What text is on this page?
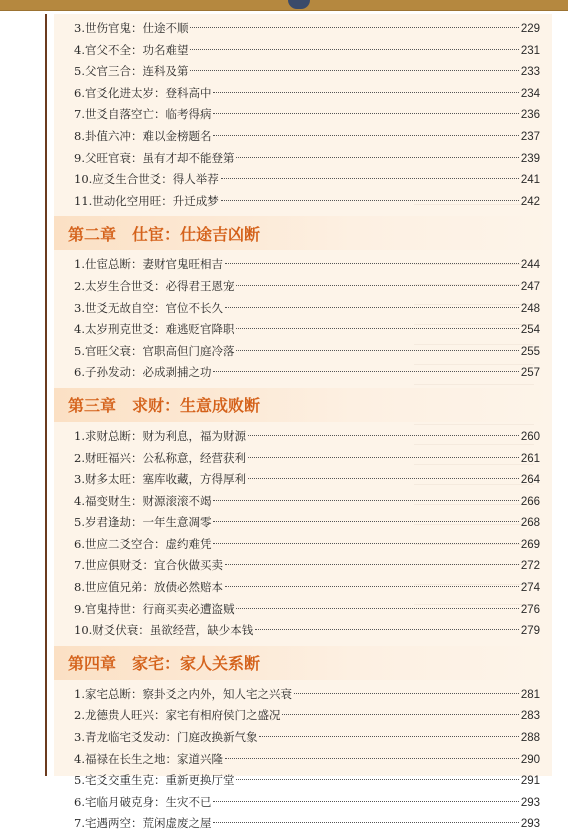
3.世伤官鬼：仕途不顺	229
4.官父不全：功名难望	231
5.父官三合：连科及第	233
6.官爻化进太岁：登科高中	234
7.世爻自落空亡：临考得病	236
8.卦值六冲：难以金榜题名	237
9.父旺官衰：虽有才却不能登第	239
10.应爻生合世爻：得人举荐	241
11.世动化空用旺：升迁成梦	242
第二章 仕宦：仕途吉凶断
1.仕宦总断：妻财官鬼旺相吉	244
2.太岁生合世爻：必得君王恩宠	247
3.世爻无故自空：官位不长久	248
4.太岁刑克世爻：难逃贬官降职	254
5.官旺父衰：官职高但门庭冷落	255
6.子孙发动：必成剥捕之功	257
第三章 求财：生意成败断
1.求财总断：财为利息，福为财源	260
2.财旺福兴：公私称意，经营获利	261
3.财多太旺：塞库收藏，方得厚利	264
4.福变财生：财源滚滚不竭	266
5.岁君逢劫：一年生意凋零	268
6.世应二爻空合：虚约难凭	269
7.世应俱财爻：宜合伙做买卖	272
8.世应值兄弟：放债必然赔本	274
9.官鬼持世：行商买卖必遭盗贼	276
10.财爻伏衰：虽欲经营，缺少本钱	279
第四章 家宅：家人关系断
1.家宅总断：察卦爻之内外，知人宅之兴衰	281
2.龙德贵人旺兴：家宅有相府侯门之盛况	283
3.青龙临宅爻发动：门庭改换新气象	288
4.福禄在长生之地：家道兴隆	290
5.宅爻交重生克：重新更换厅堂	291
6.宅临月破克身：生灾不已	293
7.宅遇两空：荒闲虚废之屋	293
